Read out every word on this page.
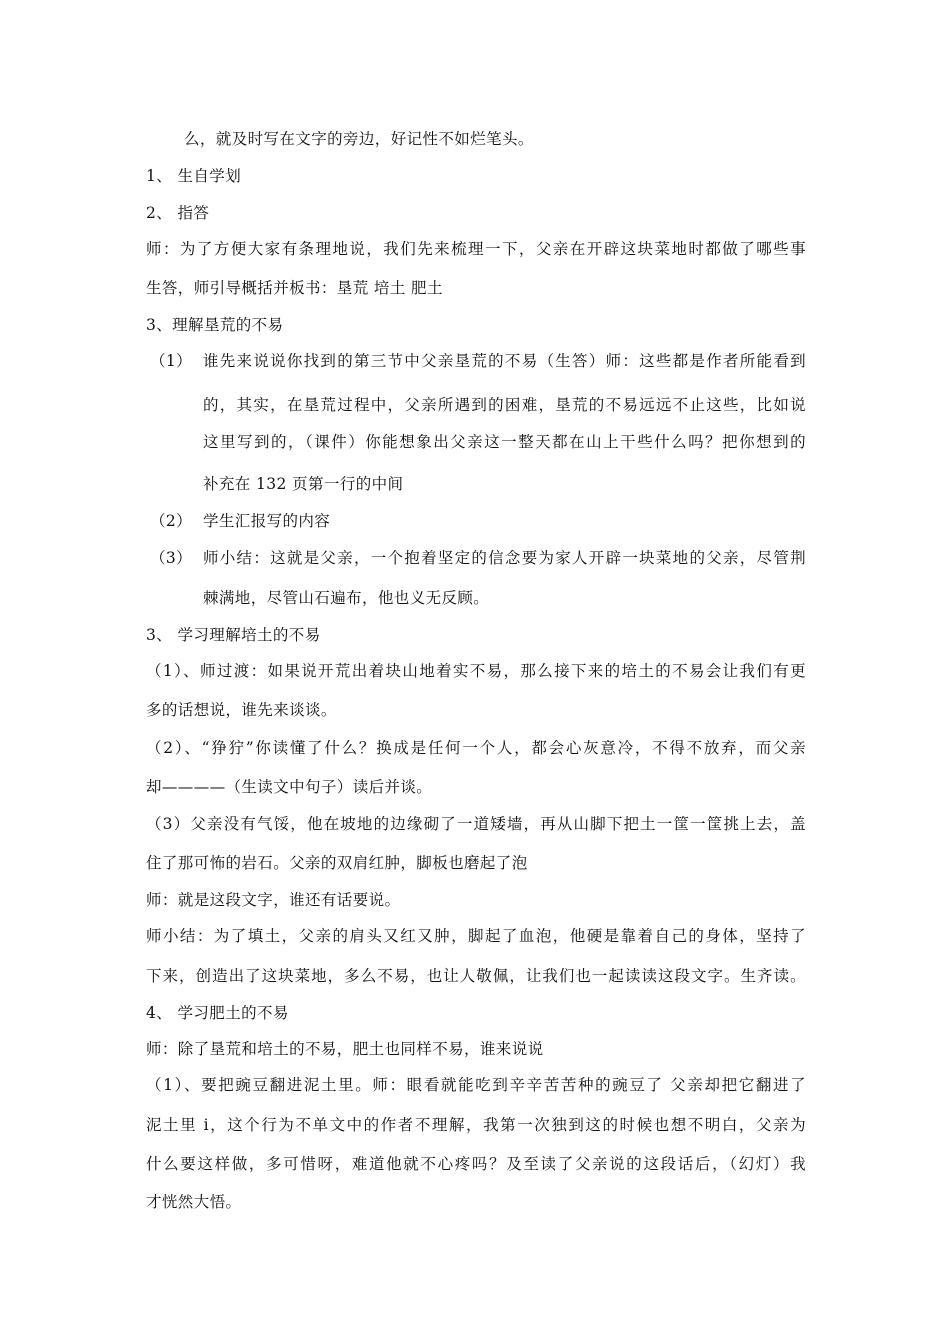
么，就及时写在文字的旁边，好记性不如烂笔头。
1、 生自学划
2、 指答
师：为了方便大家有条理地说，我们先来梳理一下，父亲在开辟这块菜地时都做了哪些事
生答，师引导概括并板书：垦荒 培土 肥土
3、理解垦荒的不易
（1） 谁先来说说你找到的第三节中父亲垦荒的不易（生答）师：这些都是作者所能看到
的，其实，在垦荒过程中，父亲所遇到的困难，垦荒的不易远远不止这些，比如说
这里写到的，（课件）你能想象出父亲这一整天都在山上干些什么吗？把你想到的
补充在 132 页第一行的中间
（2） 学生汇报写的内容
（3） 师小结：这就是父亲，一个抱着坚定的信念要为家人开辟一块菜地的父亲，尽管荆
棘满地，尽管山石遍布，他也义无反顾。
3、 学习理解培土的不易
（1）、师过渡：如果说开荒出着块山地着实不易，那么接下来的培土的不易会让我们有更
多的话想说，谁先来谈谈。
（2）、“狰狞”你读懂了什么？换成是任何一个人，都会心灰意冷，不得不放弃，而父亲
却————（生读文中句子）读后并谈。
（3）父亲没有气馁，他在坡地的边缘砌了一道矮墙，再从山脚下把土一筐一筐挑上去，盖
住了那可怖的岩石。父亲的双肩红肿，脚板也磨起了泡
师：就是这段文字，谁还有话要说。
师小结：为了填土，父亲的肩头又红又肿，脚起了血泡，他硬是靠着自己的身体，坚持了
下来，创造出了这块菜地，多么不易，也让人敬佩，让我们也一起读读这段文字。生齐读。
4、 学习肥土的不易
师：除了垦荒和培土的不易，肥土也同样不易，谁来说说
（1）、要把豌豆翻进泥土里。师：眼看就能吃到辛辛苦苦种的豌豆了 父亲却把它翻进了
泥土里 i，这个行为不单文中的作者不理解，我第一次独到这的时候也想不明白，父亲为
什么要这样做，多可惜呀，难道他就不心疼吗？及至读了父亲说的这段话后，（幻灯）我
才恍然大悟。
